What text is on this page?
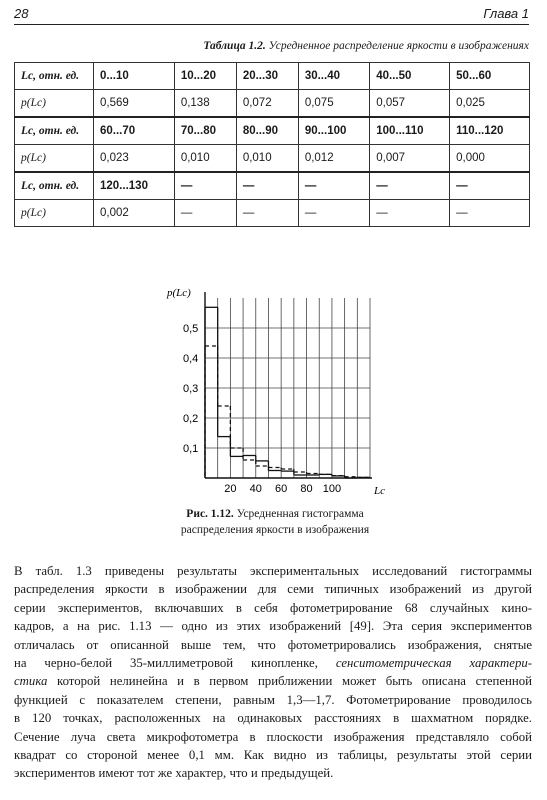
28	Глава 1
Таблица 1.2. Усредненное распределение яркости в изображениях
Lс, отн. ед.	0...10	10...20	20...30	30...40	40...50	50...60
p(Lс)	0,569	0,138	0,072	0,075	0,057	0,025
Lс, отн. ед.	60...70	70...80	80...90	90...100	100...110	110...120
p(Lс)	0,023	0,010	0,010	0,012	0,007	0,000
Lс, отн. ед.	120...130	—	—	—	—	—
p(Lс)	0,002	—	—	—	—	—
0,1
0,2
0,3
0,4
0,5
20 40 60 80 100
p(Lс)
Lс
Рис. 1.12. Усредненная гистограмма
распределения яркости в изображения
В табл. 1.3 приведены результаты экспериментальных исследований гистограммы
распределения яркости в изображении для семи типичных изображений из другой
серии экспериментов, включавших в себя фотометрирование 68 случайных кино-
кадров, а на рис. 1.13 — одно из этих изображений [49]. Эта серия экспериментов
отличалась от описанной выше тем, что фотометрировались изображения, снятые
на черно-белой 35-миллиметровой кинопленке, сенситометрическая характери-
стика которой нелинейна и в первом приближении может быть описана степенной
функцией с показателем степени, равным 1,3—1,7. Фотометрирование проводилось
в 120 точках, расположенных на одинаковых расстояниях в шахматном порядке.
Сечение луча света микрофотометра в плоскости изображения представляло собой
квадрат со стороной менее 0,1 мм. Как видно из таблицы, результаты этой серии
экспериментов имеют тот же характер, что и предыдущей.
